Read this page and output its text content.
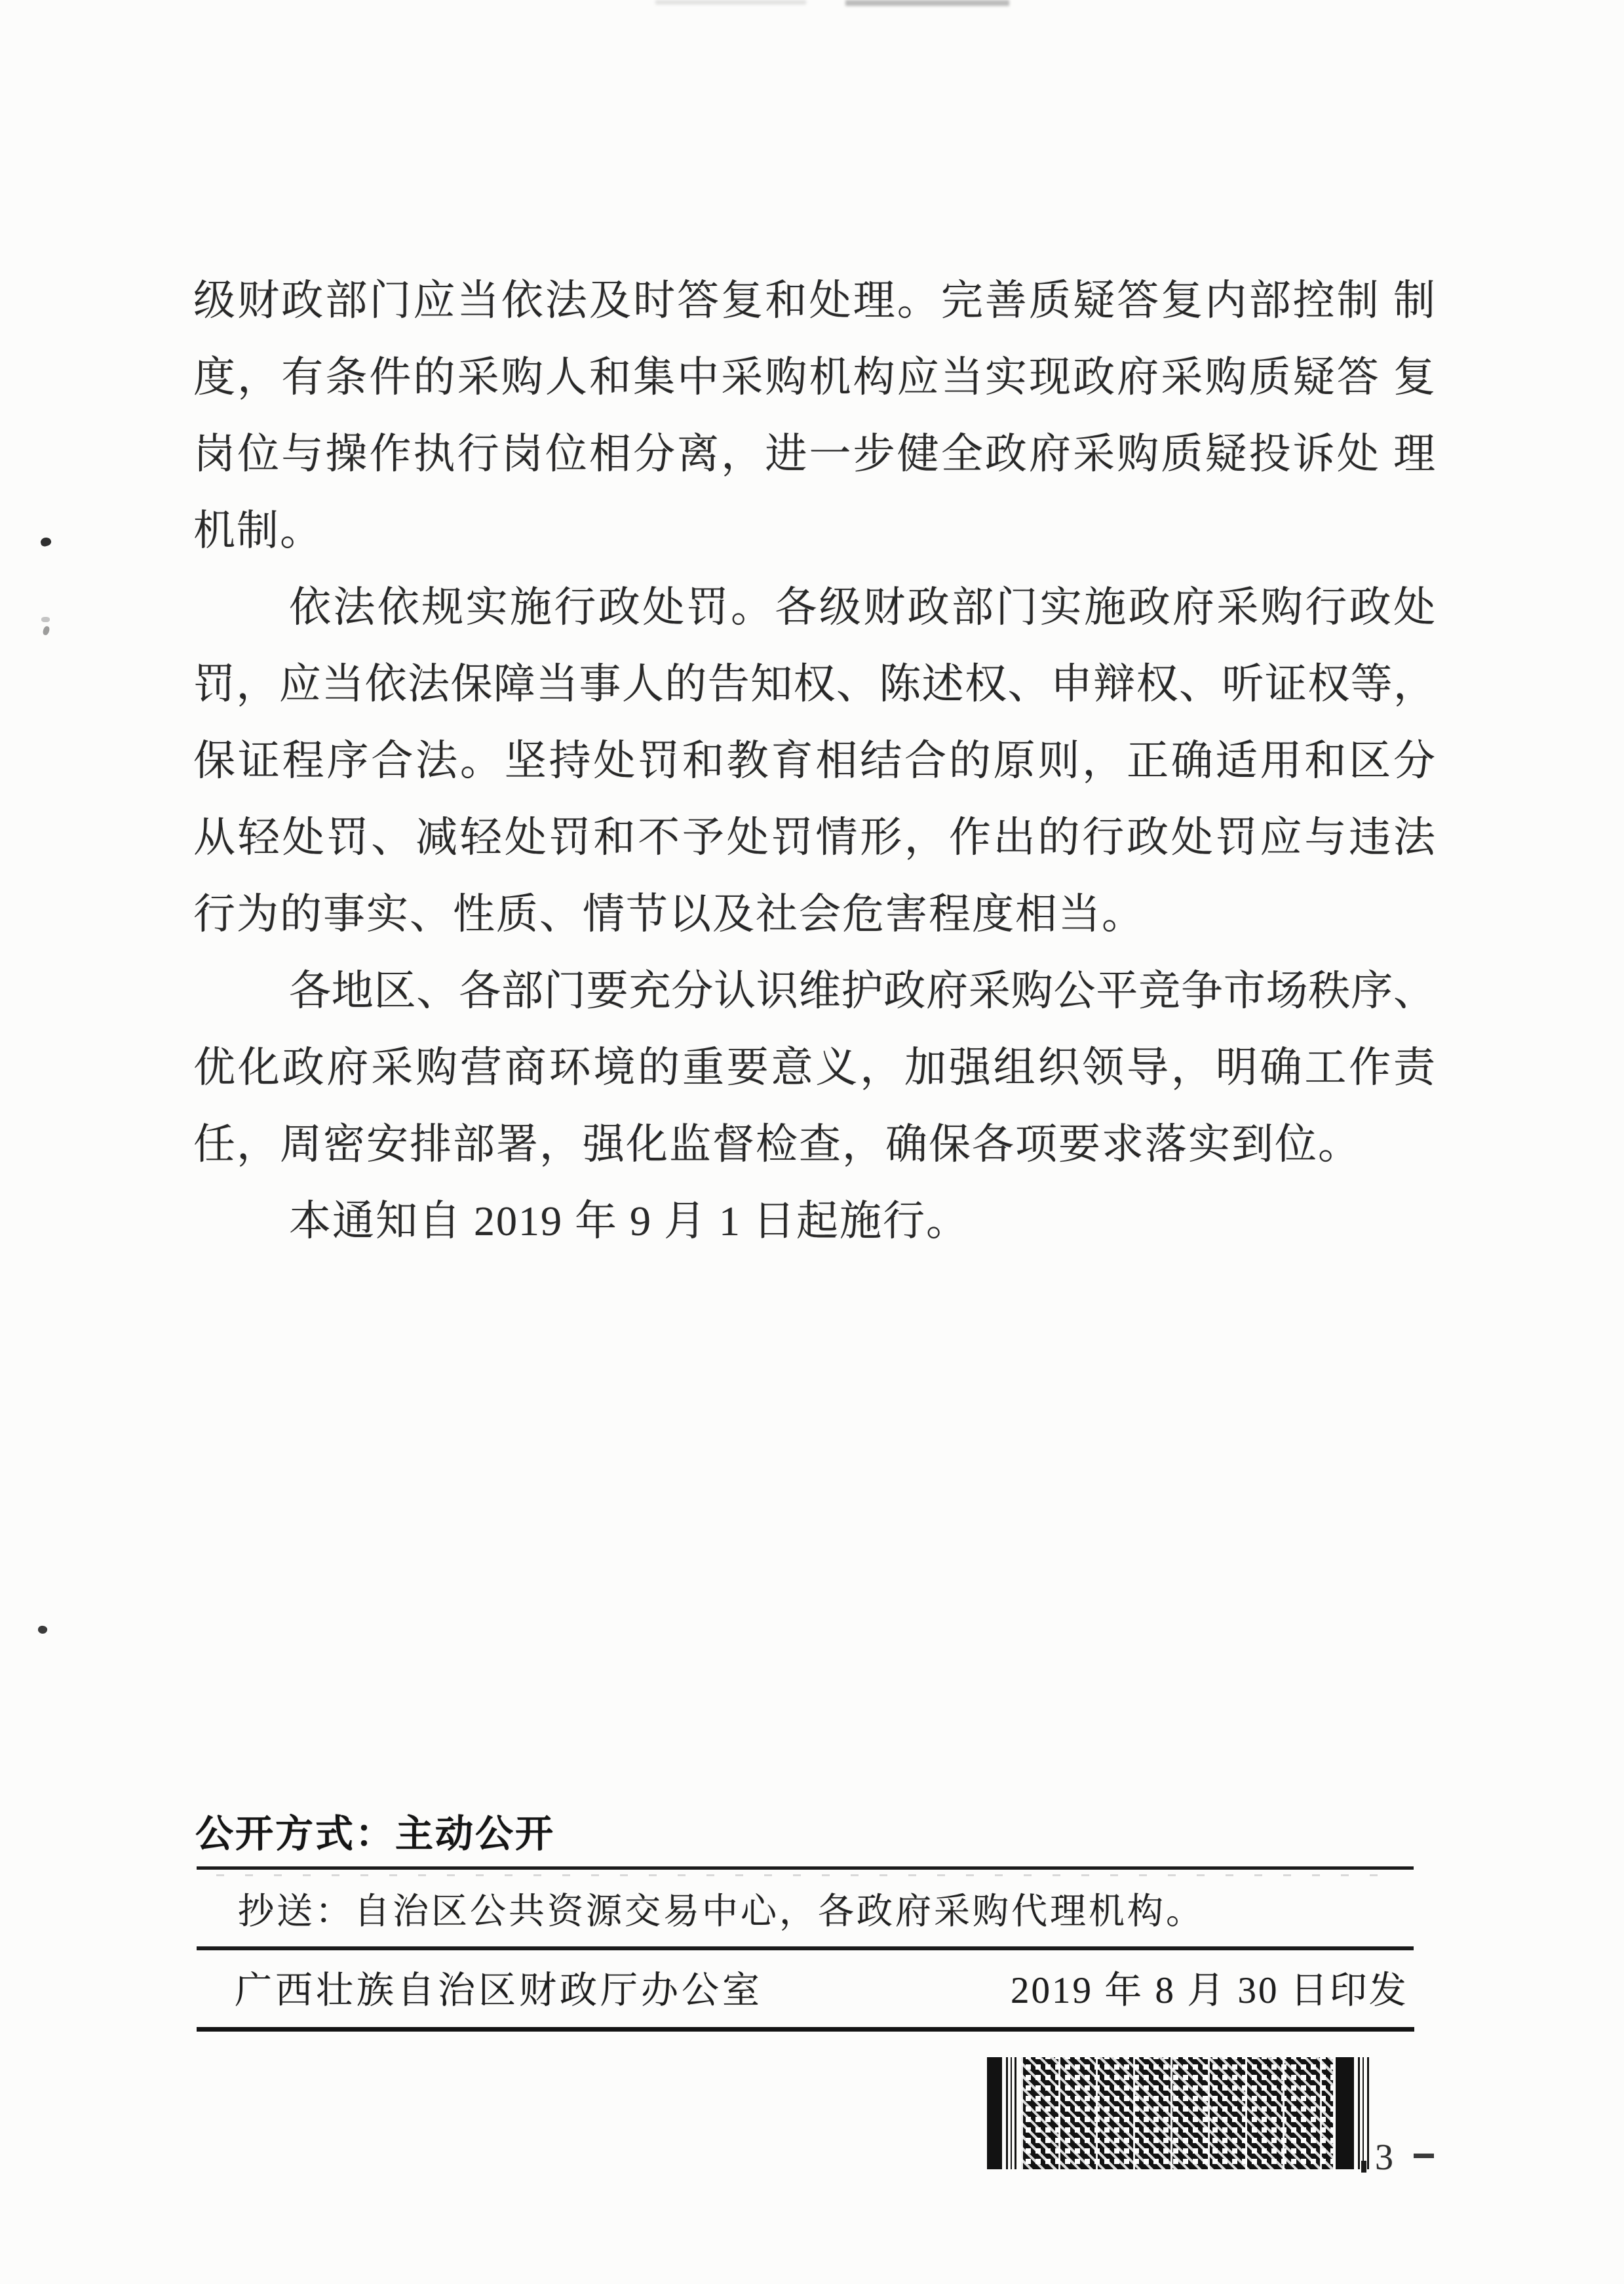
级财政部门应当依法及时答复和处理。完善质疑答复内部控制 制
度，有条件的采购人和集中采购机构应当实现政府采购质疑答 复
岗位与操作执行岗位相分离，进一步健全政府采购质疑投诉处 理
机制。
依法依规实施行政处罚。各级财政部门实施政府采购行政处
罚，应当依法保障当事人的告知权、陈述权、申辩权、听证权等，
保证程序合法。坚持处罚和教育相结合的原则，正确适用和区分
从轻处罚、减轻处罚和不予处罚情形，作出的行政处罚应与违法
行为的事实、性质、情节以及社会危害程度相当。
各地区、各部门要充分认识维护政府采购公平竞争市场秩序、
优化政府采购营商环境的重要意义，加强组织领导，明确工作责
任，周密安排部署，强化监督检查，确保各项要求落实到位。
本通知自 2019 年 9 月 1 日起施行。
公开方式：主动公开
抄送：自治区公共资源交易中心，各政府采购代理机构。
广西壮族自治区财政厅办公室	2019 年 8 月 30 日印发
3
